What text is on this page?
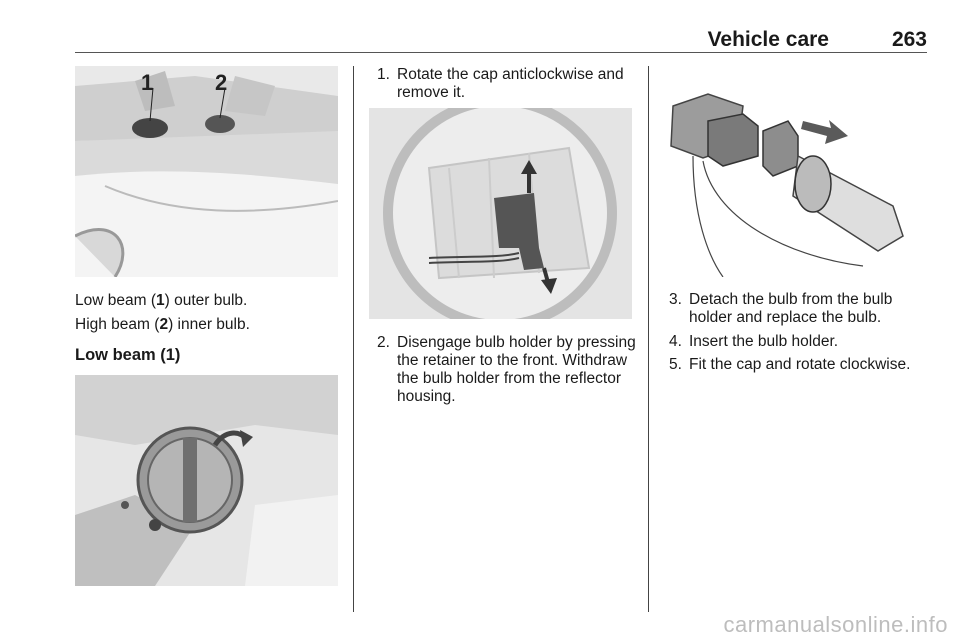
Vehicle care	263
1	2
Low beam (1) outer bulb.
High beam (2) inner bulb.
Low beam (1)
1. Rotate the cap anticlockwise and remove it.
2. Disengage bulb holder by pressing the retainer to the front. Withdraw the bulb holder from the reflector housing.
3. Detach the bulb from the bulb holder and replace the bulb.
4. Insert the bulb holder.
5. Fit the cap and rotate clockwise.
carmanualsonline.info
